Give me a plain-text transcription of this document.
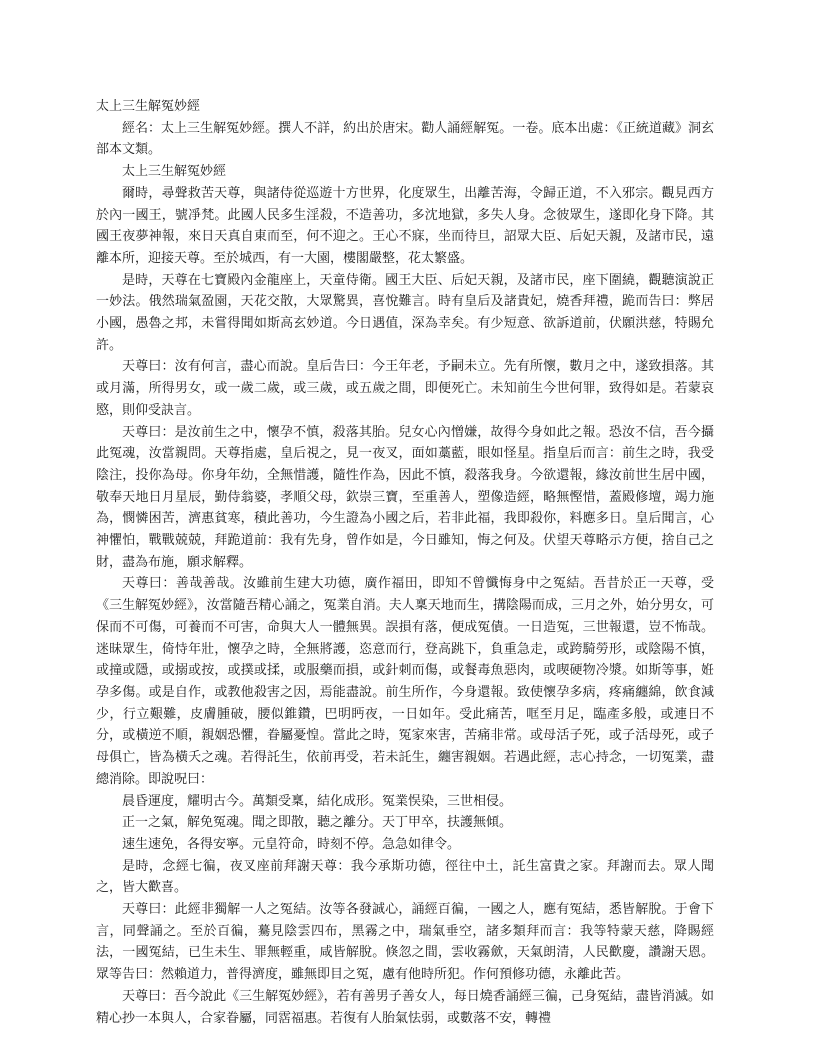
太上三生解冤妙經

經名：太上三生解冤妙經。撰人不詳，約出於唐宋。勸人誦經解冤。一卷。底本出處：《正統道藏》洞玄部本文類。

太上三生解冤妙經

爾時，尋聲救苦天尊，與諸侍從巡遊十方世界，化度眾生，出離苦海，令歸正道，不入邪宗。觀見西方於內一國王，號凈梵。此國人民多生淫殺，不造善功，多沈地獄，多失人身。念彼眾生，遂即化身下降。其國王夜夢神報，來日天真自東而至，何不迎之。王心不寐，坐而待旦，詔眾大臣、后妃天親，及諸市民，遠離本所，迎接天尊。至於城西，有一大園，樓閣嚴整，花太繁盛。

是時，天尊在七寶殿內金龍座上，天童侍衛。國王大臣、后妃天親，及諸市民，座下圍繞，觀聽演說正一妙法。俄然瑞氣盈園，天花交散，大眾驚異，喜悅難言。時有皇后及諸貴妃，燒香拜禮，跪而告曰：弊居小國，愚魯之邦，未嘗得聞如斯高玄妙道。今日遇值，深為幸矣。有少短意、欲訴道前，伏願洪慈，特賜允許。

天尊曰：汝有何言，盡心而說。皇后告曰：今王年老，予嗣未立。先有所懷，數月之中，遂致損落。其或月滿，所得男女，或一歲二歲，或三歲，或五歲之間，即便死亡。未知前生今世何罪，致得如是。若蒙哀愍，則仰受訣言。

天尊曰：是汝前生之中，懷孕不慎，殺落其胎。兒女心內憎嫌，故得今身如此之報。恐汝不信，吾今攝此冤魂，汝當親問。天尊指處，皇后視之，見一夜叉，面如藁藍，眼如怪星。指皇后而言：前生之時，我受陰注，投你為母。你身年幼，全無惜護，隨性作為，因此不慎，殺落我身。今欲還報，緣汝前世生居中國，敬奉天地日月星辰，勤侍翁婆，孝順父母，欽崇三寶，至重善人，塑像造經，略無慳惜，蓋殿修壇，竭力施為，憫憐困苦，濟惠貧寒，積此善功，今生證為小國之后，若非此福，我即殺你，料應多日。皇后聞言，心神懼怕，戰戰兢兢，拜跪道前：我有先身，曾作如是，今日雖知，悔之何及。伏望天尊略示方便，捨自己之財，盡為布施，願求解釋。

天尊曰：善哉善哉。汝雖前生建大功德，廣作福田，即知不曾懺悔身中之冤結。吾昔於正一天尊，受《三生解冤妙經》，汝當隨吾精心誦之，冤業自消。夫人稟天地而生，搆陰陽而成，三月之外，始分男女，可保而不可傷，可養而不可害，命與大人一體無異。誤損有落，便成冤債。一日造冤，三世報還，豈不怖哉。迷昧眾生，倚恃年壯，懷孕之時，全無將護，恣意而行，登高跳下，負重急走，或跨騎勞形，或陰陽不慎，或撞或隱，或搦或按，或撲或揉，或服藥而損，或針刺而傷，或餐毒魚惡肉，或喫硬物冷漿。如斯等事，姙孕多傷。或是自作，或教他殺害之因，焉能盡說。前生所作，今身還報。致使懷孕多病，疼痛纏綿，飲食減少，行立艱難，皮膚腫破，腰似錐鑽，巴明眄夜，一日如年。受此痛苦，哐至月足，臨產多般，或連日不分，或橫逆不順，親姻恐懼，眷屬憂惶。當此之時，冤家來害，苦痛非常。或母活子死，或子活母死，或子母俱亡，皆為橫夭之魂。若得託生，依前再受，若未託生，纏害親姻。若遇此經，志心持念，一切冤業，盡總消除。即說呪曰：

晨昏運度，耀明古今。萬類受稟，結化成形。冤業悮染，三世相侵。

正一之氣，解免冤魂。聞之即散，聽之離分。天丁甲卒，扶護無傾。

速生速免，各得安寧。元皇符命，時刻不停。急急如律令。

是時，念經七徧，夜叉座前拜謝天尊：我今承斯功德，徑往中土，託生富貴之家。拜謝而去。眾人聞之，皆大歡喜。

天尊曰：此經非獨解一人之冤結。汝等各發誠心，誦經百徧，一國之人，應有冤結，悉皆解脫。于會下言，同聲誦之。至於百徧，驀見陰雲四布，黑霧之中，瑞氣垂空，諸多類拜而言：我等特蒙天慈，降賜經法，一國冤結，已生未生、罪無輕重，咸皆解脫。倏忽之間，雲收霧歛，天氣朗清，人民歡慶，讚謝天恩。眾等告曰：然賴道力，普得濟度，雖無即目之冤，慮有他時所犯。作何預修功德，永離此苦。

天尊曰：吾今說此《三生解冤妙經》，若有善男子善女人，每日燒香誦經三徧，己身冤結，盡皆消滅。如精心抄一本與人，合家眷屬，同霑福惠。若復有人胎氣怯弱，或數落不安，轉禮
